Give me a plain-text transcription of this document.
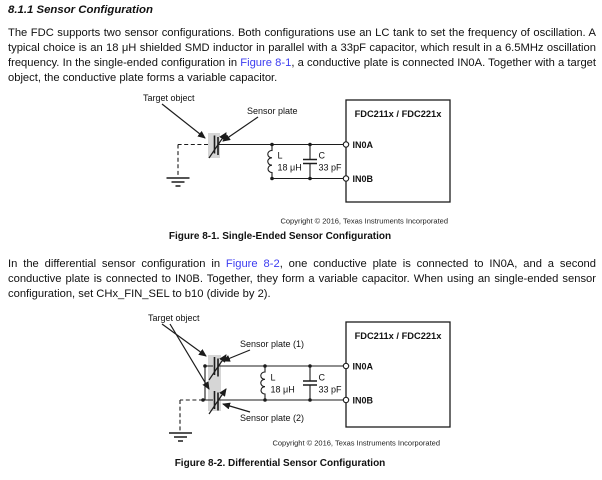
8.1.1 Sensor Configuration
The FDC supports two sensor configurations. Both configurations use an LC tank to set the frequency of oscillation. A typical choice is an 18 μH shielded SMD inductor in parallel with a 33pF capacitor, which result in a 6.5MHz oscillation frequency. In the single-ended configuration in Figure 8-1, a conductive plate is connected IN0A. Together with a target object, the conductive plate forms a variable capacitor.
FDC211x / FDC221x
IN0A
IN0B
Target object
Sensor plate
L
18 μH
C
33 pF
Copyright © 2016, Texas Instruments Incorporated
Figure 8-1. Single-Ended Sensor Configuration
In the differential sensor configuration in Figure 8-2, one conductive plate is connected to IN0A, and a second conductive plate is connected to IN0B. Together, they form a variable capacitor. When using an single-ended sensor configuration, set CHx_FIN_SEL to b10 (divide by 2).
FDC211x / FDC221x
IN0A
IN0B
Target object
Sensor plate (1)
Sensor plate (2)
L
18 μH
C
33 pF
Copyright © 2016, Texas Instruments Incorporated
Figure 8-2. Differential Sensor Configuration
